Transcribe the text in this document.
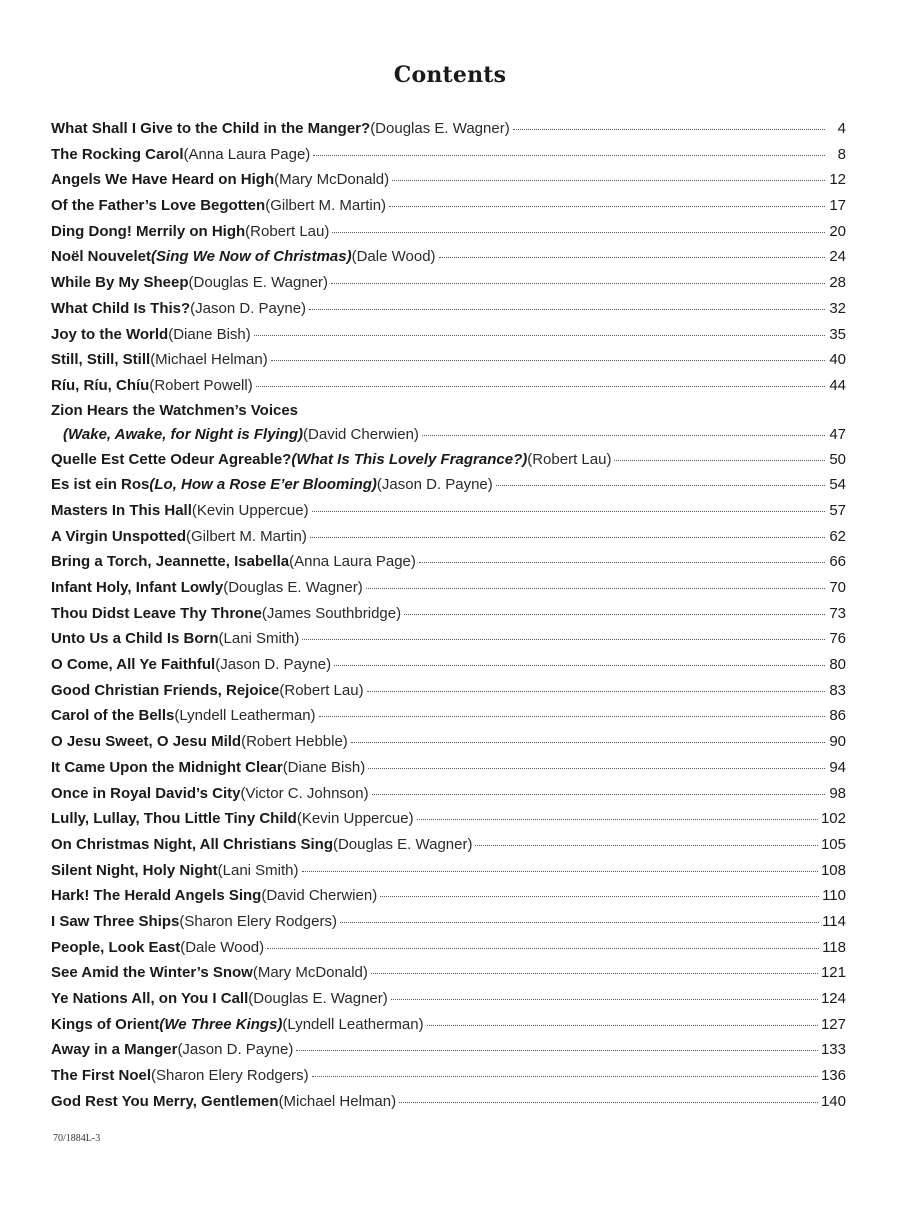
Contents
What Shall I Give to the Child in the Manger? (Douglas E. Wagner)	4
The Rocking Carol (Anna Laura Page)	8
Angels We Have Heard on High (Mary McDonald)	12
Of the Father’s Love Begotten (Gilbert M. Martin)	17
Ding Dong! Merrily on High (Robert Lau)	20
Noël Nouvelet (Sing We Now of Christmas) (Dale Wood)	24
While By My Sheep (Douglas E. Wagner)	28
What Child Is This? (Jason D. Payne)	32
Joy to the World (Diane Bish)	35
Still, Still, Still (Michael Helman)	40
Ríu, Ríu, Chíu (Robert Powell)	44
Zion Hears the Watchmen’s Voices
(Wake, Awake, for Night is Flying) (David Cherwien)	47
Quelle Est Cette Odeur Agreable? (What Is This Lovely Fragrance?) (Robert Lau)	50
Es ist ein Ros (Lo, How a Rose E’er Blooming) (Jason D. Payne)	54
Masters In This Hall (Kevin Uppercue)	57
A Virgin Unspotted (Gilbert M. Martin)	62
Bring a Torch, Jeannette, Isabella (Anna Laura Page)	66
Infant Holy, Infant Lowly (Douglas E. Wagner)	70
Thou Didst Leave Thy Throne (James Southbridge)	73
Unto Us a Child Is Born (Lani Smith)	76
O Come, All Ye Faithful (Jason D. Payne)	80
Good Christian Friends, Rejoice (Robert Lau)	83
Carol of the Bells (Lyndell Leatherman)	86
O Jesu Sweet, O Jesu Mild (Robert Hebble)	90
It Came Upon the Midnight Clear (Diane Bish)	94
Once in Royal David’s City (Victor C. Johnson)	98
Lully, Lullay, Thou Little Tiny Child (Kevin Uppercue)	102
On Christmas Night, All Christians Sing (Douglas E. Wagner)	105
Silent Night, Holy Night (Lani Smith)	108
Hark! The Herald Angels Sing (David Cherwien)	110
I Saw Three Ships (Sharon Elery Rodgers)	114
People, Look East (Dale Wood)	118
See Amid the Winter’s Snow (Mary McDonald)	121
Ye Nations All, on You I Call (Douglas E. Wagner)	124
Kings of Orient (We Three Kings) (Lyndell Leatherman)	127
Away in a Manger (Jason D. Payne)	133
The First Noel (Sharon Elery Rodgers)	136
God Rest You Merry, Gentlemen (Michael Helman)	140
70/1884L-3
